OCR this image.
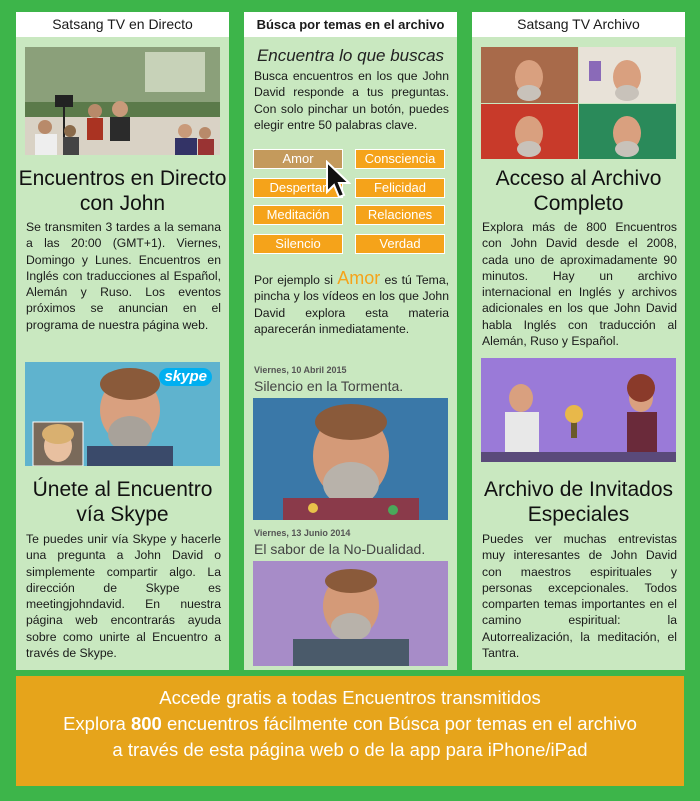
Satsang TV en Directo
Encuentros en Directo con John
Se transmiten 3 tardes a la semana a las 20:00 (GMT+1). Viernes, Domingo y Lunes. Encuentros en Inglés con traducciones al Español, Alemán y Ruso. Los eventos próximos se anuncian en el programa de nuestra página web.
skype
Únete al Encuentro vía Skype
Te puedes unir vía Skype y hacerle una pregunta a John David o simplemente compartir algo. La dirección de Skype es meetingjohndavid. En nuestra página web encontrarás ayuda sobre como unirte al Encuentro a través de Skype.
Búsca por temas en el archivo
Encuentra lo que buscas
Busca encuentros en los que John David responde a tus preguntas. Con solo pinchar un botón, puedes elegir entre 50 palabras clave.
Amor	Consciencia
Despertar	Felicidad
Meditación	Relaciones
Silencio	Verdad
Por ejemplo si Amor es tú Tema, pincha y los vídeos en los que John David explora esta materia aparecerán inmediatamente.
Viernes, 10 Abril 2015
Silencio en la Tormenta.
Viernes, 13 Junio 2014
El sabor de la No-Dualidad.
Satsang TV Archivo
Acceso al Archivo Completo
Explora más de 800 Encuentros con John David desde el 2008, cada uno de aproximadamente 90 minutos. Hay un archivo internacional en Inglés y archivos adicionales en los que John David habla Inglés con traducción al Alemán, Ruso y Español.
Archivo de Invitados Especiales
Puedes ver muchas entrevistas muy interesantes de John David con maestros espirituales y personas excepcionales. Todos comparten temas importantes en el camino espiritual: la Autorrealización, la meditación, el Tantra.
Accede gratis a todas Encuentros transmitidos
Explora 800 encuentros fácilmente con Búsca por temas en el archivo
a través de esta página web o de la app para iPhone/iPad
